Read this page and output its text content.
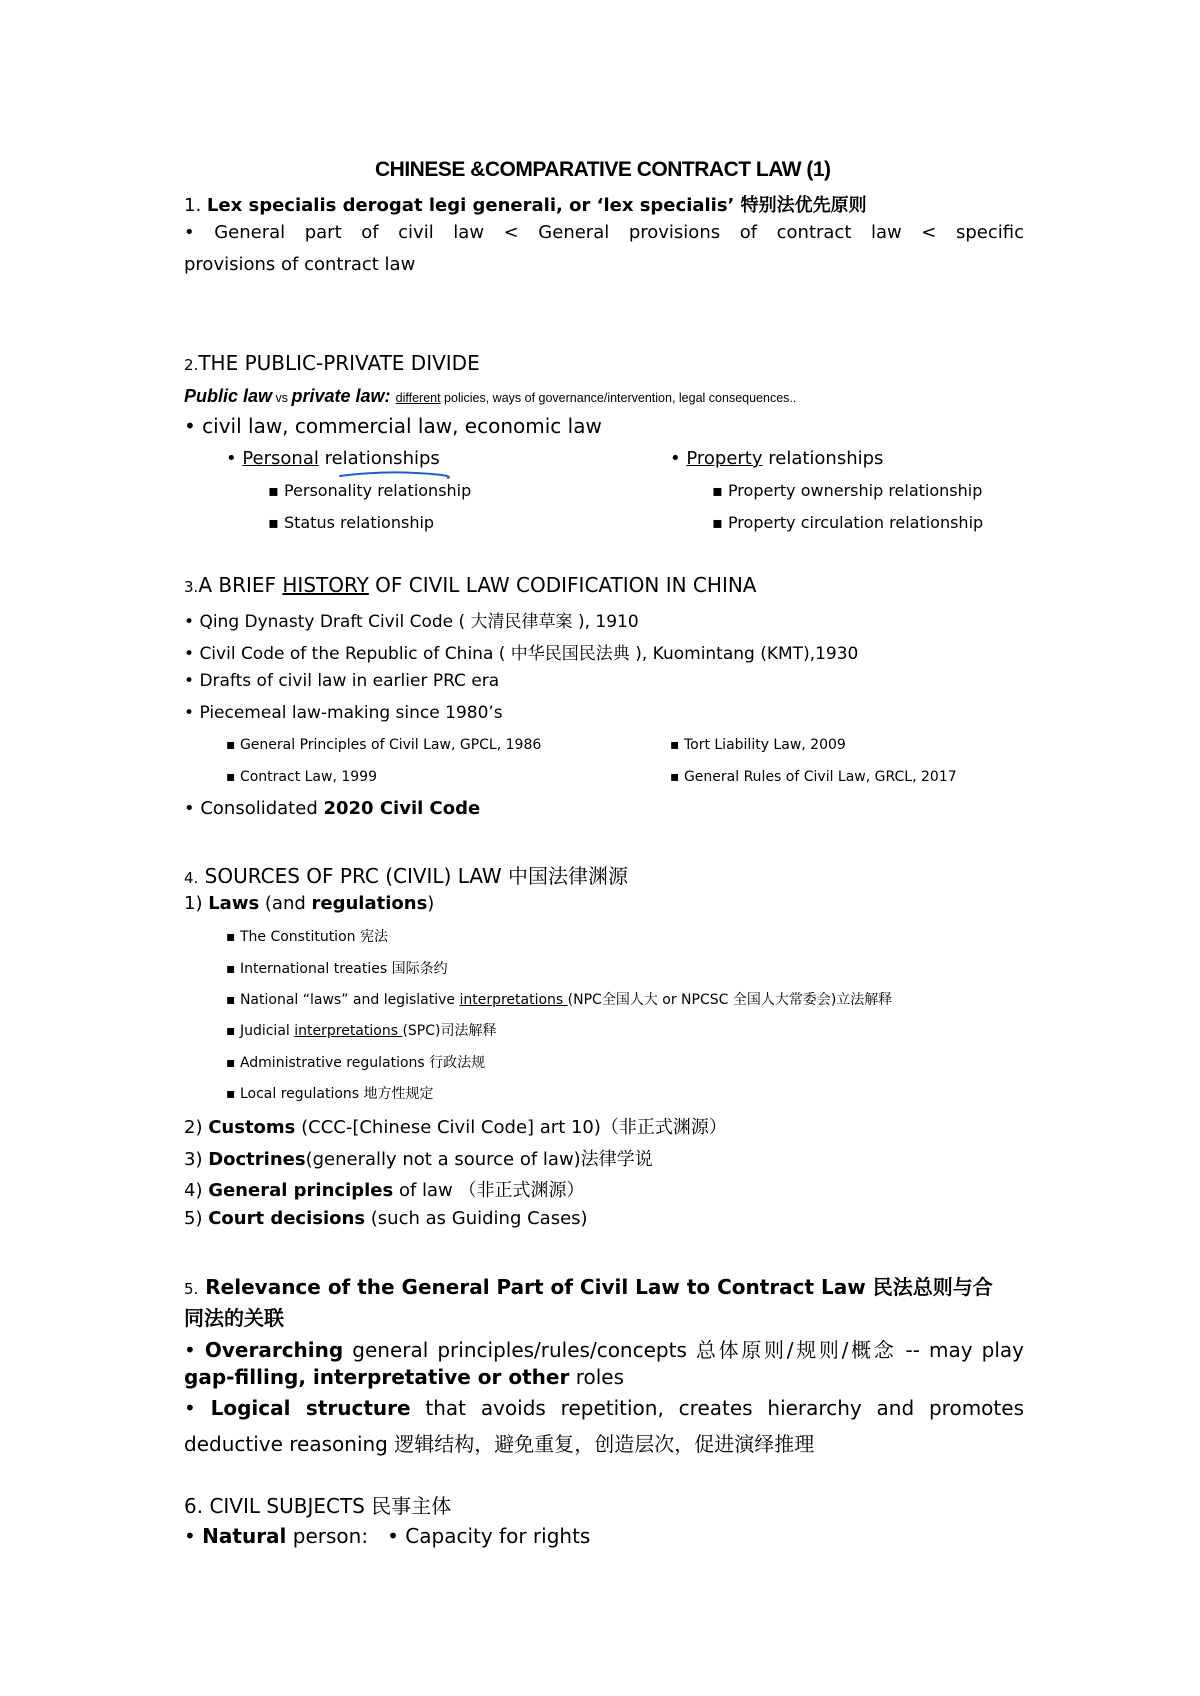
CHINESE &COMPARATIVE CONTRACT LAW (1)
1. Lex specialis derogat legi generali, or ‘lex specialis’ 特别法优先原则
• General part of civil law < General provisions of contract law < specific
provisions of contract law
2.THE PUBLIC-PRIVATE DIVIDE
Public law vs private law: different policies, ways of governance/intervention, legal consequences..
• civil law, commercial law, economic law
• Personal relationships
▪ Personality relationship
▪ Status relationship
• Property relationships
▪ Property ownership relationship
▪ Property circulation relationship
3.A BRIEF HISTORY OF CIVIL LAW CODIFICATION IN CHINA
• Qing Dynasty Draft Civil Code ( 大清民律草案 ), 1910
• Civil Code of the Republic of China ( 中华民国民法典 ), Kuomintang (KMT),1930
• Drafts of civil law in earlier PRC era
• Piecemeal law-making since 1980’s
▪ General Principles of Civil Law, GPCL, 1986
▪ Contract Law, 1999
▪ Tort Liability Law, 2009
▪ General Rules of Civil Law, GRCL, 2017
• Consolidated 2020 Civil Code
4. SOURCES OF PRC (CIVIL) LAW 中国法律渊源
1) Laws (and regulations)
▪ The Constitution 宪法
▪ International treaties 国际条约
▪ National “laws” and legislative interpretations (NPC全国人大 or NPCSC 全国人大常委会)立法解释
▪ Judicial interpretations (SPC)司法解释
▪ Administrative regulations 行政法规
▪ Local regulations 地方性规定
2) Customs (CCC-[Chinese Civil Code] art 10)（非正式渊源）
3) Doctrines(generally not a source of law)法律学说
4) General principles of law （非正式渊源）
5) Court decisions (such as Guiding Cases)
5. Relevance of the General Part of Civil Law to Contract Law 民法总则与合
同法的关联
• Overarching general principles/rules/concepts 总体原则/规则/概念 -- may play
gap-filling, interpretative or other roles
• Logical structure that avoids repetition, creates hierarchy and promotes
deductive reasoning 逻辑结构，避免重复，创造层次，促进演绎推理
6. CIVIL SUBJECTS 民事主体
• Natural person:   • Capacity for rights
